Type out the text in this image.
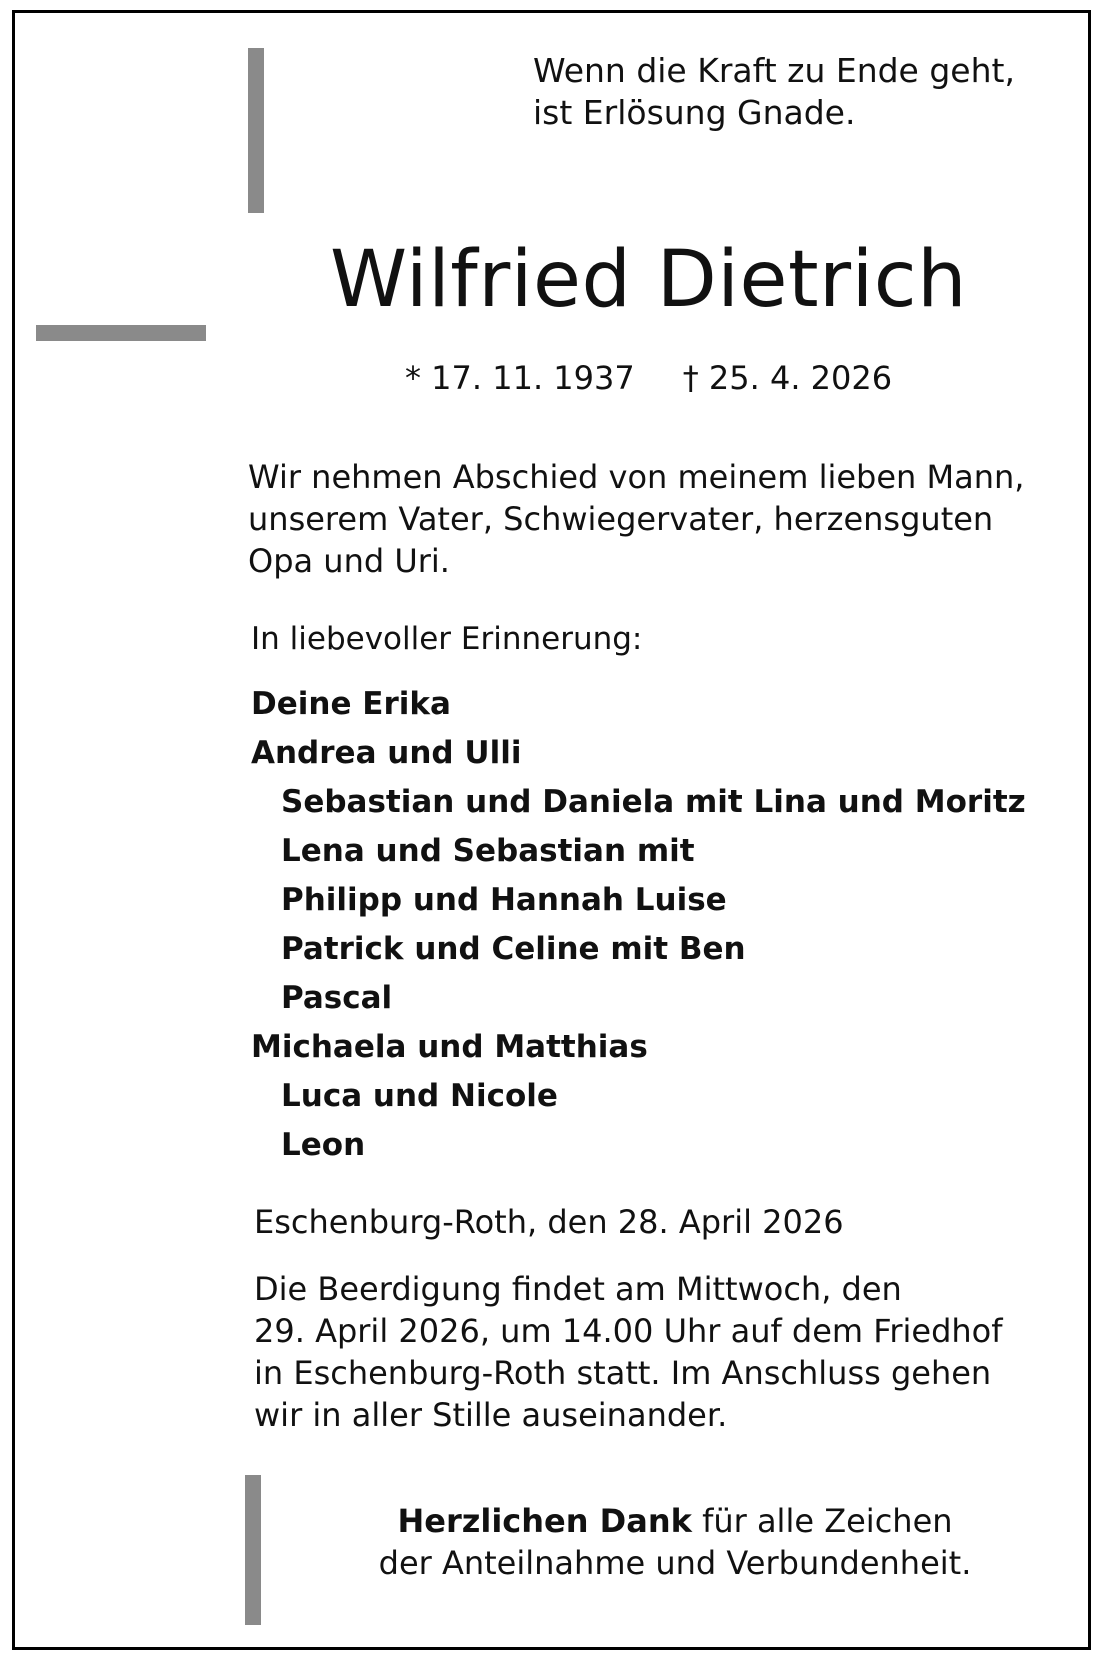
Wenn die Kraft zu Ende geht,
ist Erlösung Gnade.
Wilfried Dietrich
* 17. 11. 1937 † 25. 4. 2026
Wir nehmen Abschied von meinem lieben Mann,
unserem Vater, Schwiegervater, herzensguten
Opa und Uri.
In liebevoller Erinnerung:
Deine Erika
Andrea und Ulli
Sebastian und Daniela mit Lina und Moritz
Lena und Sebastian mit
Philipp und Hannah Luise
Patrick und Celine mit Ben
Pascal
Michaela und Matthias
Luca und Nicole
Leon
Eschenburg-Roth, den 28. April 2026
Die Beerdigung findet am Mittwoch, den
29. April 2026, um 14.00 Uhr auf dem Friedhof
in Eschenburg-Roth statt. Im Anschluss gehen
wir in aller Stille auseinander.
Herzlichen Dank für alle Zeichen
der Anteilnahme und Verbundenheit.
